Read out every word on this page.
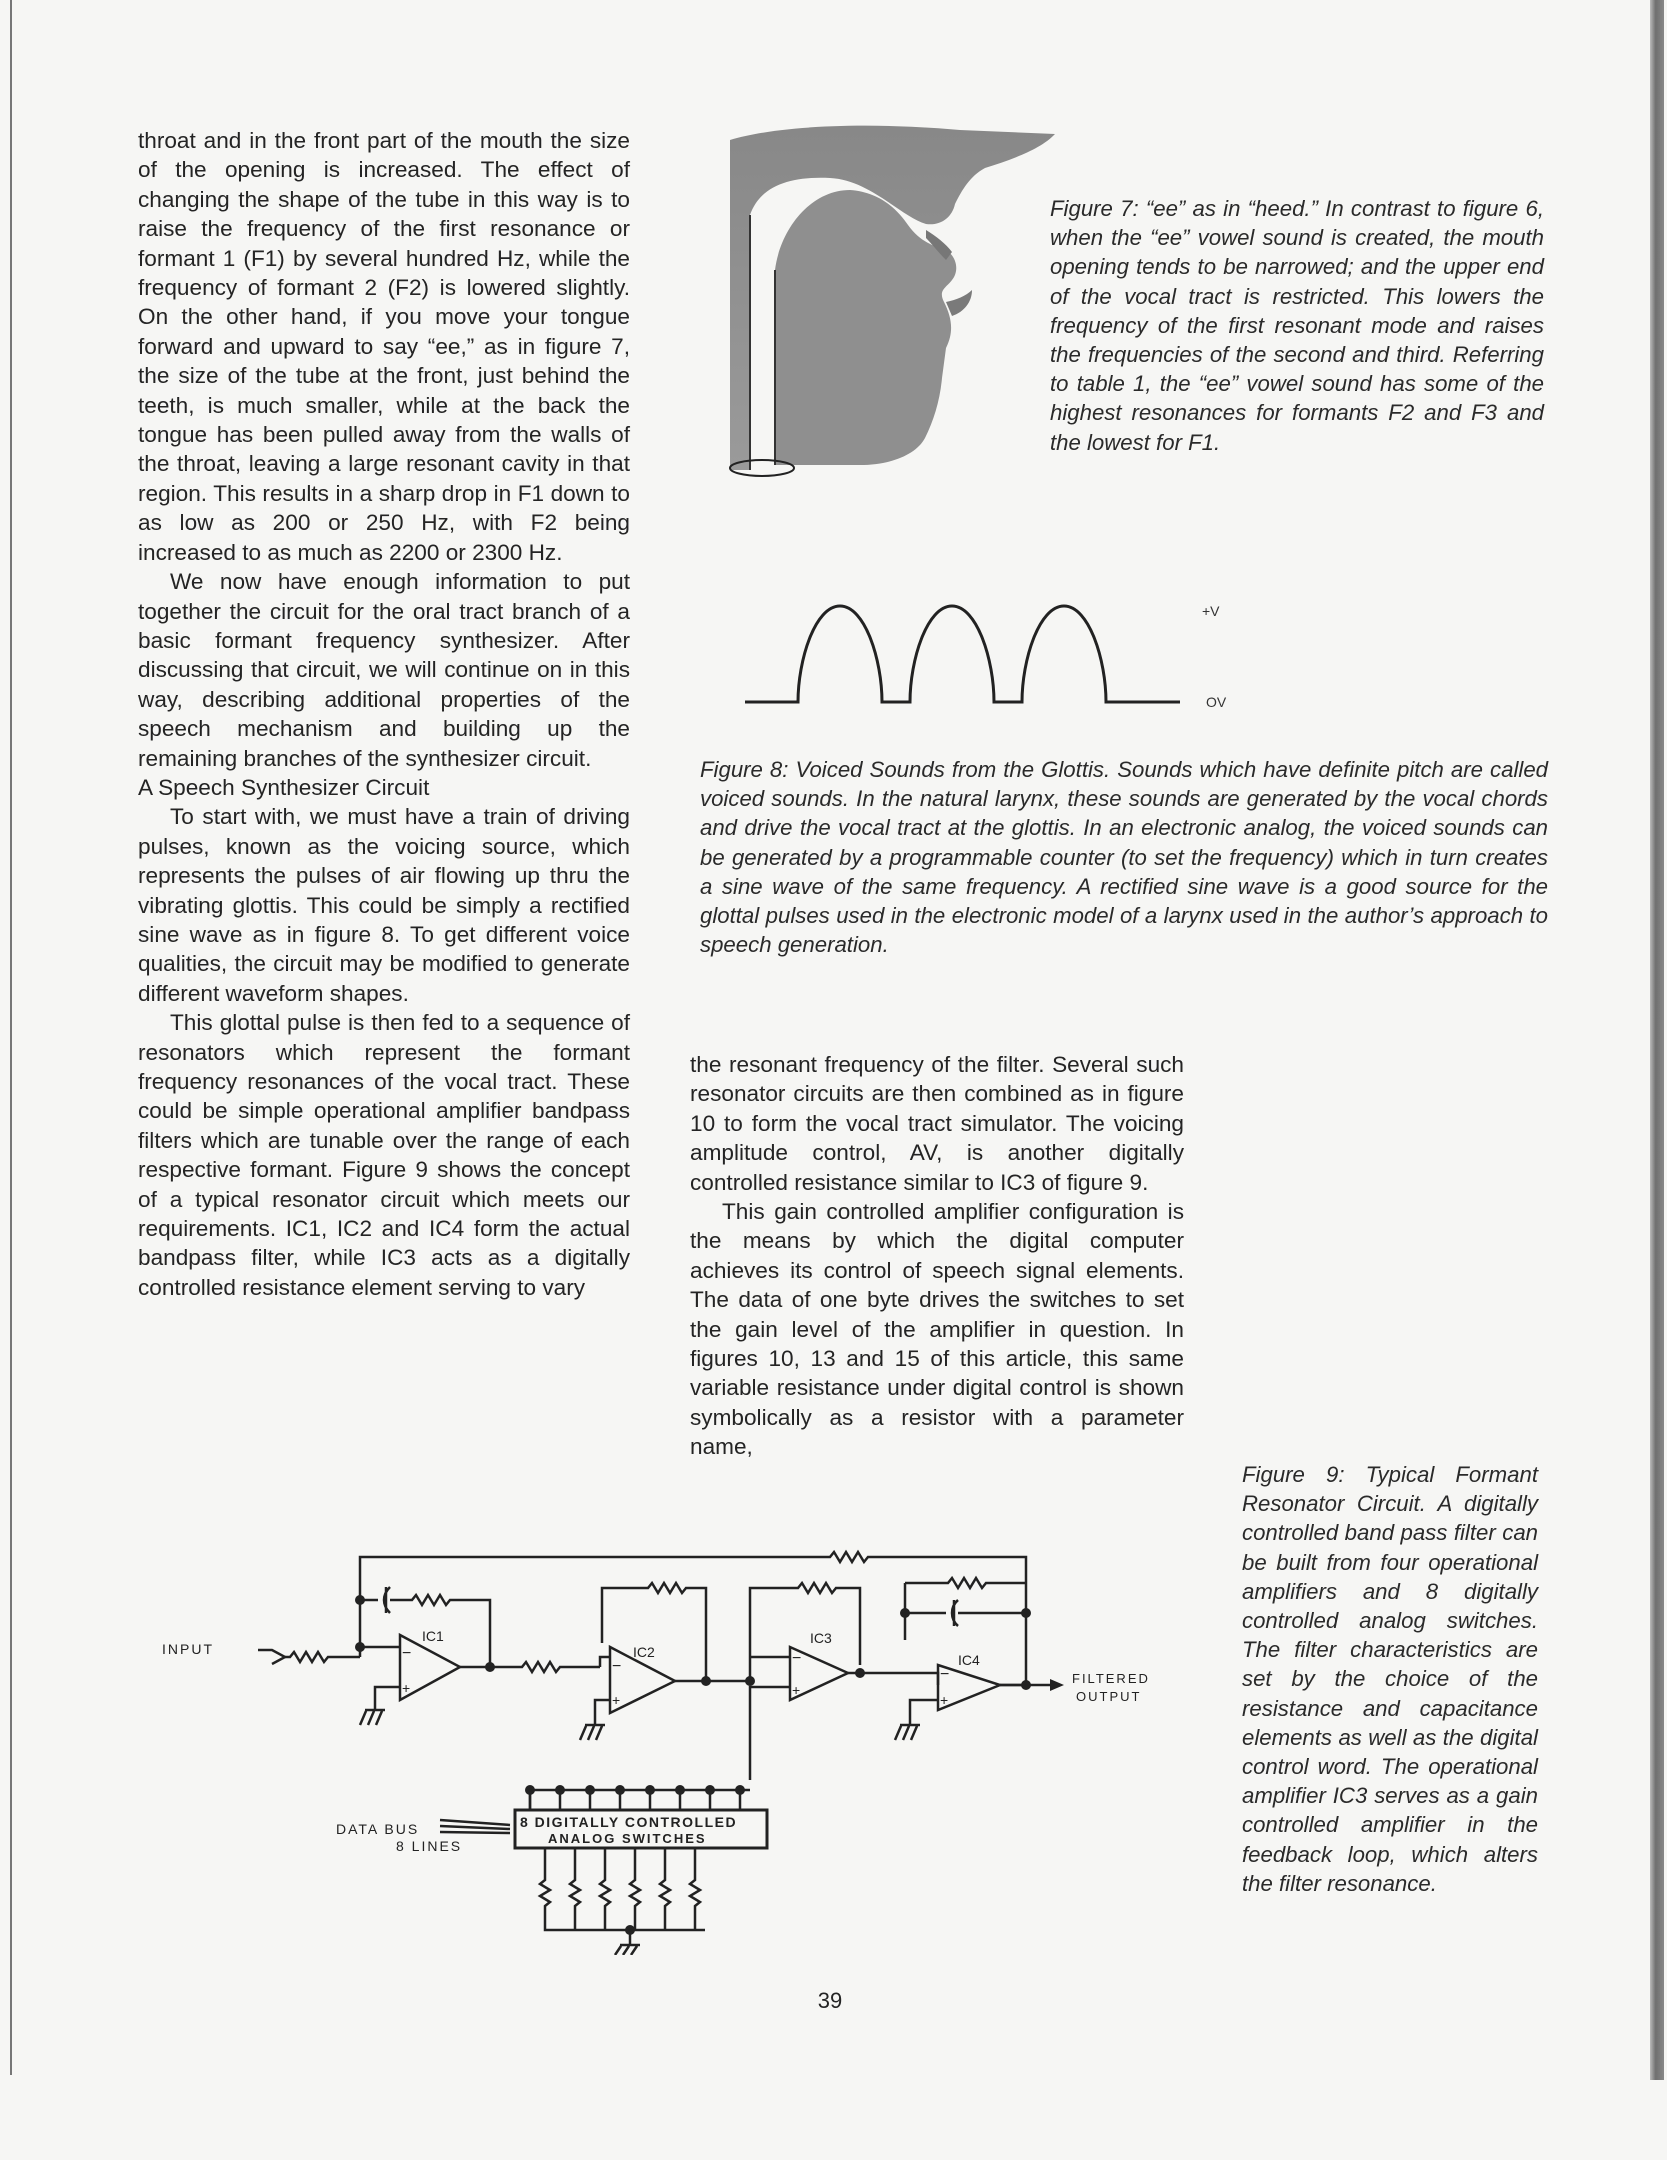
throat and in the front part of the mouth the size of the opening is increased. The effect of changing the shape of the tube in this way is to raise the frequency of the first resonance or formant 1 (F1) by several hundred Hz, while the frequency of formant 2 (F2) is lowered slightly. On the other hand, if you move your tongue forward and upward to say “ee,” as in figure 7, the size of the tube at the front, just behind the teeth, is much smaller, while at the back the tongue has been pulled away from the walls of the throat, leaving a large resonant cavity in that region. This results in a sharp drop in F1 down to as low as 200 or 250 Hz, with F2 being increased to as much as 2200 or 2300 Hz.

We now have enough information to put together the circuit for the oral tract branch of a basic formant frequency synthesizer. After discussing that circuit, we will continue on in this way, describing additional properties of the speech mechanism and building up the remaining branches of the synthesizer circuit.

A Speech Synthesizer Circuit

To start with, we must have a train of driving pulses, known as the voicing source, which represents the pulses of air flowing up thru the vibrating glottis. This could be simply a rectified sine wave as in figure 8. To get different voice qualities, the circuit may be modified to generate different waveform shapes.

This glottal pulse is then fed to a sequence of resonators which represent the formant frequency resonances of the vocal tract. These could be simple operational amplifier bandpass filters which are tunable over the range of each respective formant. Figure 9 shows the concept of a typical resonator circuit which meets our requirements. IC1, IC2 and IC4 form the actual bandpass filter, while IC3 acts as a digitally controlled resistance element serving to vary

the resonant frequency of the filter. Several such resonator circuits are then combined as in figure 10 to form the vocal tract simulator. The voicing amplitude control, AV, is another digitally controlled resistance similar to IC3 of figure 9.

This gain controlled amplifier configuration is the means by which the digital computer achieves its control of speech signal elements. The data of one byte drives the switches to set the gain level of the amplifier in question. In figures 10, 13 and 15 of this article, this same variable resistance under digital control is shown symbolically as a resistor with a parameter name,

Figure 7: “ee” as in “heed.” In contrast to figure 6, when the “ee” vowel sound is created, the mouth opening tends to be narrowed; and the upper end of the vocal tract is restricted. This lowers the frequency of the first resonant mode and raises the frequencies of the second and third. Referring to table 1, the “ee” vowel sound has some of the highest resonances for formants F2 and F3 and the lowest for F1.
+V
OV
Figure 8: Voiced Sounds from the Glottis. Sounds which have definite pitch are called voiced sounds. In the natural larynx, these sounds are generated by the vocal chords and drive the vocal tract at the glottis. In an electronic analog, the voiced sounds can be generated by a programmable counter (to set the frequency) which in turn creates a sine wave of the same frequency. A rectified sine wave is a good source for the glottal pulses used in the electronic model of a larynx used in the author’s approach to speech generation.
−
+
−
+
−
+
−
+
INPUT
IC1
IC2
IC3
IC4
FILTERED
OUTPUT
DATA BUS
8 LINES
8 DIGITALLY CONTROLLED
ANALOG SWITCHES
Figure 9: Typical Formant Resonator Circuit. A digitally controlled band pass filter can be built from four operational amplifiers and 8 digitally controlled analog switches. The filter characteristics are set by the choice of the resistance and capacitance elements as well as the digital control word. The operational amplifier IC3 serves as a gain controlled amplifier in the feedback loop, which alters the filter resonance.
39
